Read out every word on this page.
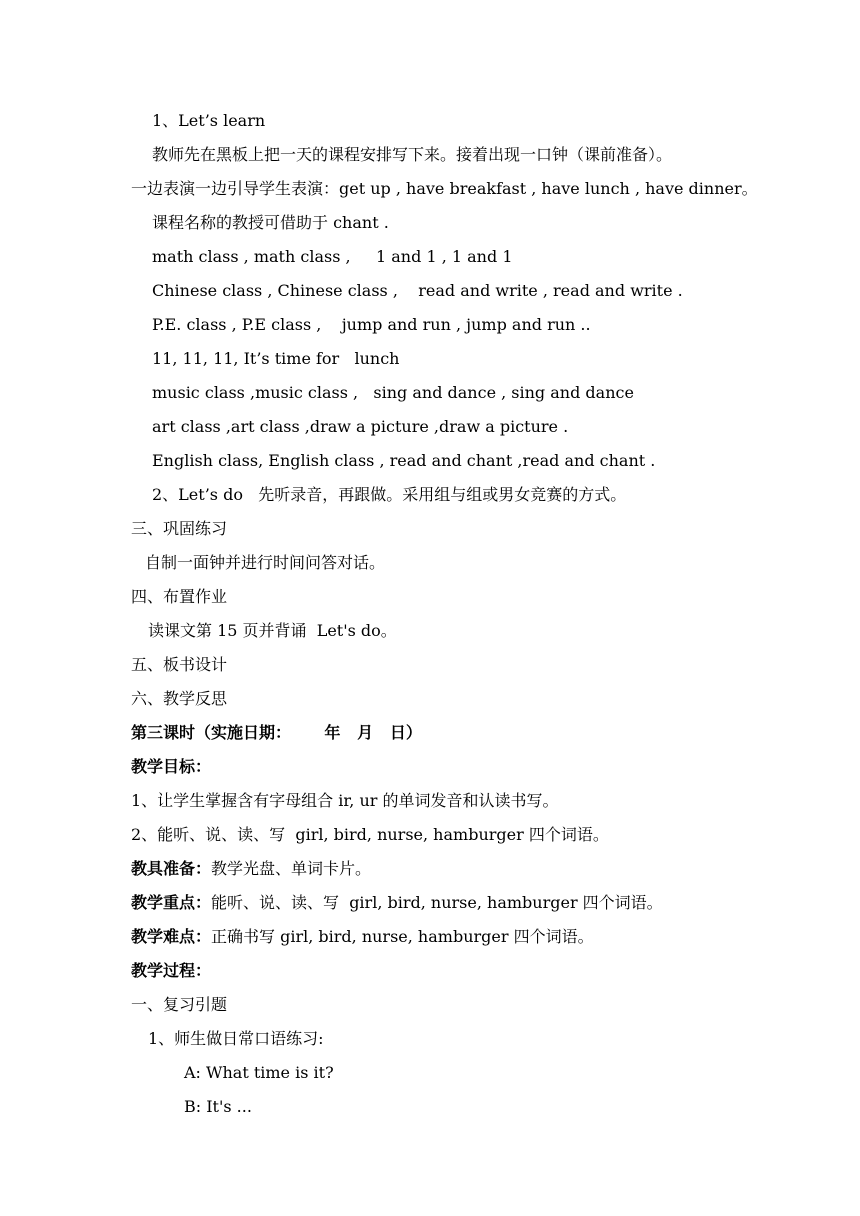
1、Let’s learn
教师先在黑板上把一天的课程安排写下来。接着出现一口钟（课前准备）。
一边表演一边引导学生表演：get up , have breakfast , have lunch , have dinner。
课程名称的教授可借助于 chant .
math class , math class ,     1 and 1 , 1 and 1
Chinese class , Chinese class ,    read and write , read and write .
P.E. class , P.E class ,    jump and run , jump and run ..
11, 11, 11, It’s time for   lunch
music class ,music class ,   sing and dance , sing and dance
art class ,art class ,draw a picture ,draw a picture .
English class, English class , read and chant ,read and chant .
2、Let’s do   先听录音，再跟做。采用组与组或男女竞赛的方式。
三、巩固练习
自制一面钟并进行时间问答对话。
四、布置作业
读课文第 15 页并背诵  Let's do。
五、板书设计
六、教学反思
第三课时（实施日期：      年   月   日）
教学目标：
1、让学生掌握含有字母组合 ir, ur 的单词发音和认读书写。
2、能听、说、读、写  girl, bird, nurse, hamburger 四个词语。
教具准备：教学光盘、单词卡片。
教学重点：能听、说、读、写  girl, bird, nurse, hamburger 四个词语。
教学难点：正确书写 girl, bird, nurse, hamburger 四个词语。
教学过程：
一、复习引题
1、师生做日常口语练习:
A: What time is it?
B: It's ...
